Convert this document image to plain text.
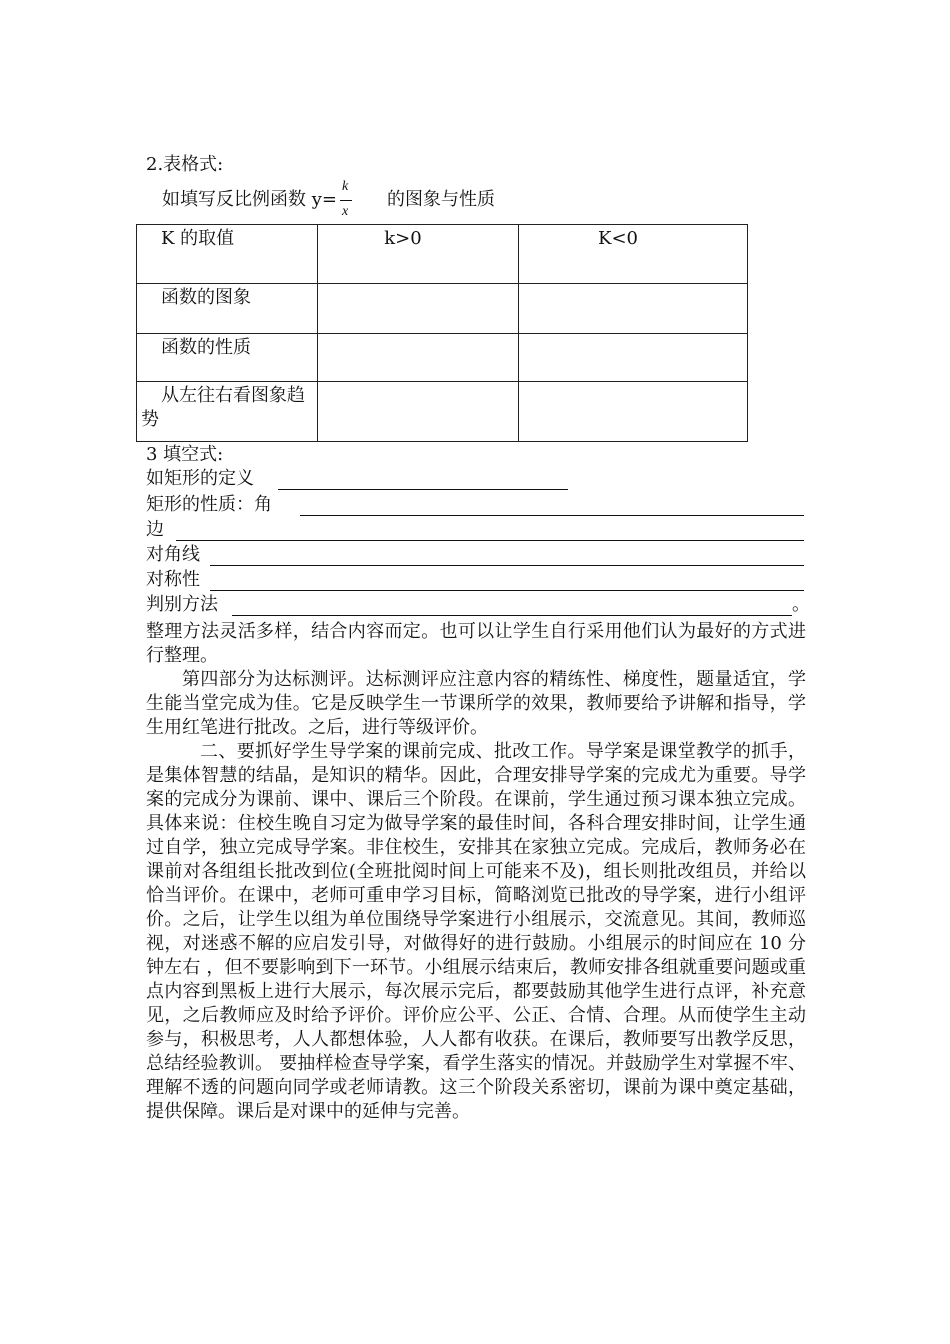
2.表格式:
如填写反比例函数 $y= \frac{k}{x}$ 的图象与性质
K 的取值	k>0	K<0

函数的图象		

函数的性质		

从左往右看图象趋势		

3 填空式:
如矩形的定义
矩形的性质：角
边
对角线
对称性
判别方法	。
整理方法灵活多样，结合内容而定。也可以让学生自行采用他们认为最好的方式进行整理。
第四部分为达标测评。达标测评应注意内容的精练性、梯度性，题量适宜，学生能当堂完成为佳。它是反映学生一节课所学的效果，教师要给予讲解和指导，学生用红笔进行批改。之后，进行等级评价。
二、要抓好学生导学案的课前完成、批改工作。导学案是课堂教学的抓手，是集体智慧的结晶，是知识的精华。因此，合理安排导学案的完成尤为重要。导学案的完成分为课前、课中、课后三个阶段。在课前，学生通过预习课本独立完成。具体来说：住校生晚自习定为做导学案的最佳时间，各科合理安排时间，让学生通过自学，独立完成导学案。非住校生，安排其在家独立完成。完成后，教师务必在课前对各组组长批改到位(全班批阅时间上可能来不及)，组长则批改组员，并给以恰当评价。在课中，老师可重申学习目标，简略浏览已批改的导学案，进行小组评价。之后，让学生以组为单位围绕导学案进行小组展示，交流意见。其间，教师巡视，对迷惑不解的应启发引导，对做得好的进行鼓励。小组展示的时间应在 10 分钟左右 ，但不要影响到下一环节。小组展示结束后，教师安排各组就重要问题或重点内容到黑板上进行大展示，每次展示完后，都要鼓励其他学生进行点评，补充意见，之后教师应及时给予评价。评价应公平、公正、合情、合理。从而使学生主动参与，积极思考，人人都想体验，人人都有收获。在课后，教师要写出教学反思，总结经验教训。 要抽样检查导学案，看学生落实的情况。并鼓励学生对掌握不牢、理解不透的问题向同学或老师请教。这三个阶段关系密切，课前为课中奠定基础，提供保障。课后是对课中的延伸与完善。
